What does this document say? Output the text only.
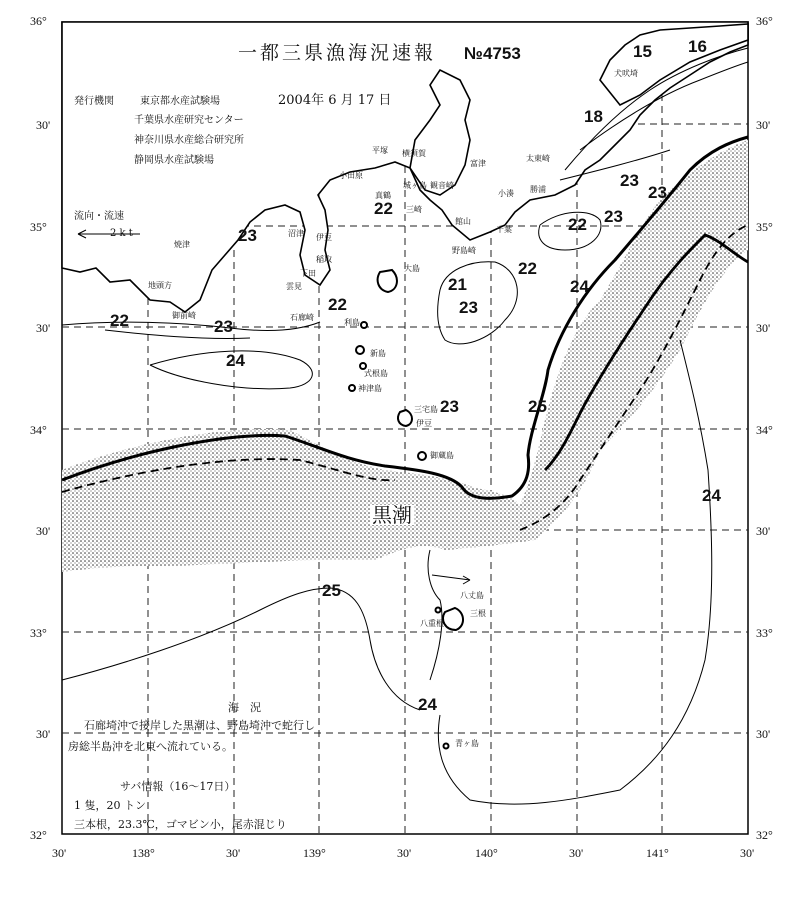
36°
30'
35°
30'
34°
30'
33°
30'
32°
36°
30'
35°
30'
34°
30'
33°
30'
32°
30'	138°	30'	139°	30'	140°	30'	141°	30'
一都三県漁海況速報 №4753
発行機関	東京都水産試験場
千葉県水産研究センター
神奈川県水産総合研究所
静岡県水産試験場
2004年 6 月 17 日
流向・流速
2 k t
15 16
18
23
23
22
23
22
23
22
24
22
21
23
22
23
24
24
25
23
24
25
黒潮
犬吠埼
太東崎
勝浦
小湊
富津
千葉
館山
野島崎
横須賀
三崎
城ヶ島 観音崎
平塚
小田原
真鶴
沼津 伊豆
稲取
下田
雲見
石廊崎
焼津
御前崎
地頭方
大島
利島
新島
式根島
神津島
三宅島
御蔵島
伊豆
八丈島
三根
八重根
青ヶ島
海　況
石廊埼沖で接岸した黒潮は、野島埼沖で蛇行し
房総半島沖を北東へ流れている。
サバ情報（16～17日）
1 隻，20 トン
三本根，23.3℃，ゴマビン小，尾赤混じり
